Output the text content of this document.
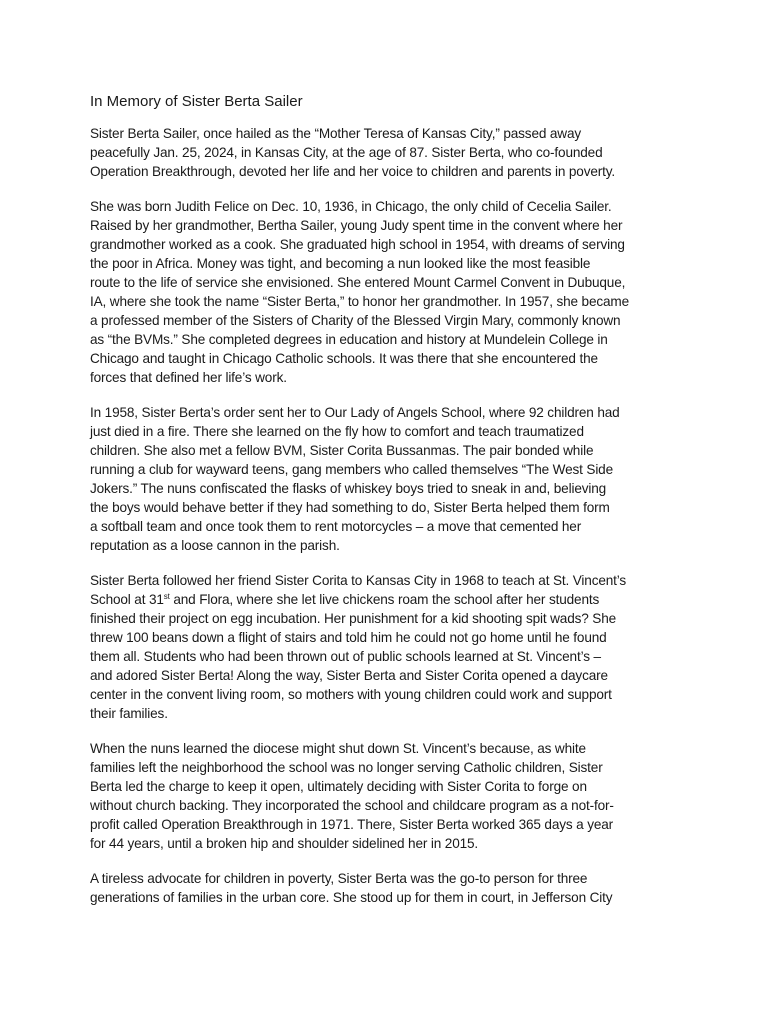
In Memory of Sister Berta Sailer

Sister Berta Sailer, once hailed as the “Mother Teresa of Kansas City,” passed away
peacefully Jan. 25, 2024, in Kansas City, at the age of 87. Sister Berta, who co-founded
Operation Breakthrough, devoted her life and her voice to children and parents in poverty.

She was born Judith Felice on Dec. 10, 1936, in Chicago, the only child of Cecelia Sailer.
Raised by her grandmother, Bertha Sailer, young Judy spent time in the convent where her
grandmother worked as a cook. She graduated high school in 1954, with dreams of serving
the poor in Africa. Money was tight, and becoming a nun looked like the most feasible
route to the life of service she envisioned. She entered Mount Carmel Convent in Dubuque,
IA, where she took the name “Sister Berta,” to honor her grandmother. In 1957, she became
a professed member of the Sisters of Charity of the Blessed Virgin Mary, commonly known
as “the BVMs.” She completed degrees in education and history at Mundelein College in
Chicago and taught in Chicago Catholic schools. It was there that she encountered the
forces that defined her life’s work.

In 1958, Sister Berta’s order sent her to Our Lady of Angels School, where 92 children had
just died in a fire. There she learned on the fly how to comfort and teach traumatized
children. She also met a fellow BVM, Sister Corita Bussanmas. The pair bonded while
running a club for wayward teens, gang members who called themselves “The West Side
Jokers.” The nuns confiscated the flasks of whiskey boys tried to sneak in and, believing
the boys would behave better if they had something to do, Sister Berta helped them form
a softball team and once took them to rent motorcycles – a move that cemented her
reputation as a loose cannon in the parish.

Sister Berta followed her friend Sister Corita to Kansas City in 1968 to teach at St. Vincent’s
School at 31st and Flora, where she let live chickens roam the school after her students
finished their project on egg incubation. Her punishment for a kid shooting spit wads? She
threw 100 beans down a flight of stairs and told him he could not go home until he found
them all. Students who had been thrown out of public schools learned at St. Vincent’s –
and adored Sister Berta! Along the way, Sister Berta and Sister Corita opened a daycare
center in the convent living room, so mothers with young children could work and support
their families.

When the nuns learned the diocese might shut down St. Vincent’s because, as white
families left the neighborhood the school was no longer serving Catholic children, Sister
Berta led the charge to keep it open, ultimately deciding with Sister Corita to forge on
without church backing. They incorporated the school and childcare program as a not-for-
profit called Operation Breakthrough in 1971. There, Sister Berta worked 365 days a year
for 44 years, until a broken hip and shoulder sidelined her in 2015.

A tireless advocate for children in poverty, Sister Berta was the go-to person for three
generations of families in the urban core. She stood up for them in court, in Jefferson City
